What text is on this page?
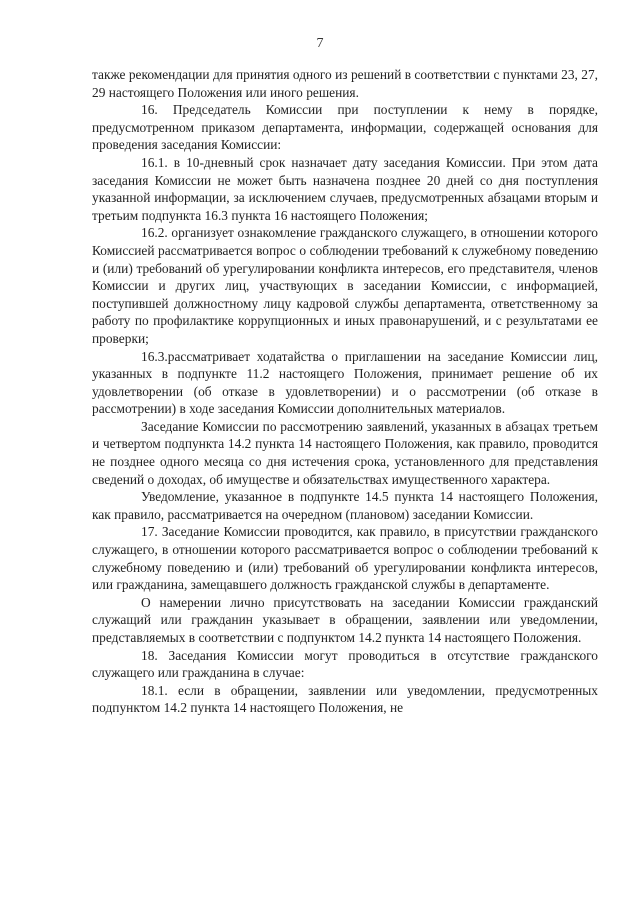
7

также рекомендации для принятия одного из решений в соответствии с пунктами 23, 27, 29 настоящего Положения или иного решения.

16. Председатель Комиссии при поступлении к нему в порядке, предусмотренном приказом департамента, информации, содержащей основания для проведения заседания Комиссии:

16.1. в 10-дневный срок назначает дату заседания Комиссии. При этом дата заседания Комиссии не может быть назначена позднее 20 дней со дня поступления указанной информации, за исключением случаев, предусмотренных абзацами вторым и третьим подпункта 16.3 пункта 16 настоящего Положения;

16.2. организует ознакомление гражданского служащего, в отношении которого Комиссией рассматривается вопрос о соблюдении требований к служебному поведению и (или) требований об урегулировании конфликта интересов, его представителя, членов Комиссии и других лиц, участвующих в заседании Комиссии, с информацией, поступившей должностному лицу кадровой службы департамента, ответственному за работу по профилактике коррупционных и иных правонарушений, и с результатами ее проверки;

16.3.рассматривает ходатайства о приглашении на заседание Комиссии лиц, указанных в подпункте 11.2 настоящего Положения, принимает решение об их удовлетворении (об отказе в удовлетворении) и о рассмотрении (об отказе в рассмотрении) в ходе заседания Комиссии дополнительных материалов.

Заседание Комиссии по рассмотрению заявлений, указанных в абзацах третьем и четвертом подпункта 14.2 пункта 14 настоящего Положения, как правило, проводится не позднее одного месяца со дня истечения срока, установленного для представления сведений о доходах, об имуществе и обязательствах имущественного характера.

Уведомление, указанное в подпункте 14.5 пункта 14 настоящего Положения, как правило, рассматривается на очередном (плановом) заседании Комиссии.

17. Заседание Комиссии проводится, как правило, в присутствии гражданского служащего, в отношении которого рассматривается вопрос о соблюдении требований к служебному поведению и (или) требований об урегулировании конфликта интересов, или гражданина, замещавшего должность гражданской службы в департаменте.

О намерении лично присутствовать на заседании Комиссии гражданский служащий или гражданин указывает в обращении, заявлении или уведомлении, представляемых в соответствии с подпунктом 14.2 пункта 14 настоящего Положения.

18. Заседания Комиссии могут проводиться в отсутствие гражданского служащего или гражданина в случае:

18.1. если в обращении, заявлении или уведомлении, предусмотренных подпунктом 14.2 пункта 14 настоящего Положения, не
